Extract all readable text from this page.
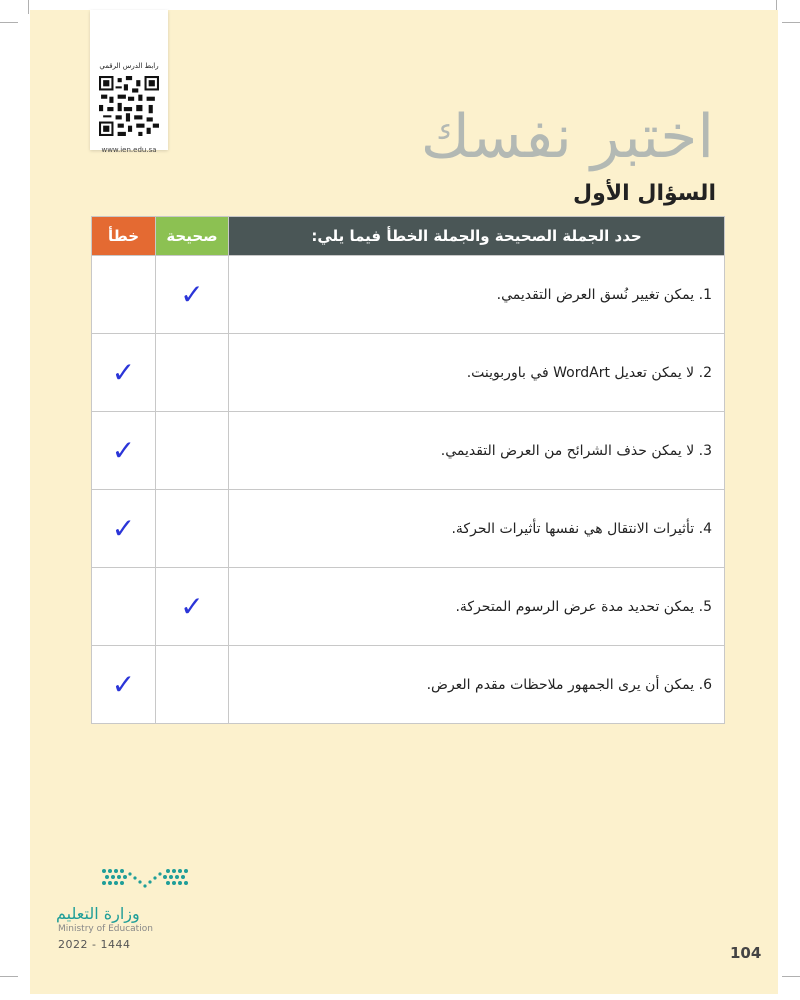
رابط الدرس الرقمي
www.ien.edu.sa	اختبر نفسك
السؤال الأول
خطأ	صحيحة	حدد الجملة الصحيحة والجملة الخطأ فيما يلي:
	✓	1. يمكن تغيير نُسق العرض التقديمي.
✓		2. لا يمكن تعديل WordArt في باوربوينت.
✓		3. لا يمكن حذف الشرائح من العرض التقديمي.
✓		4. تأثيرات الانتقال هي نفسها تأثيرات الحركة.
	✓	5. يمكن تحديد مدة عرض الرسوم المتحركة.
✓		6. يمكن أن يرى الجمهور ملاحظات مقدم العرض.
وزارة التعليم
Ministry of Education
2022 - 1444	104
